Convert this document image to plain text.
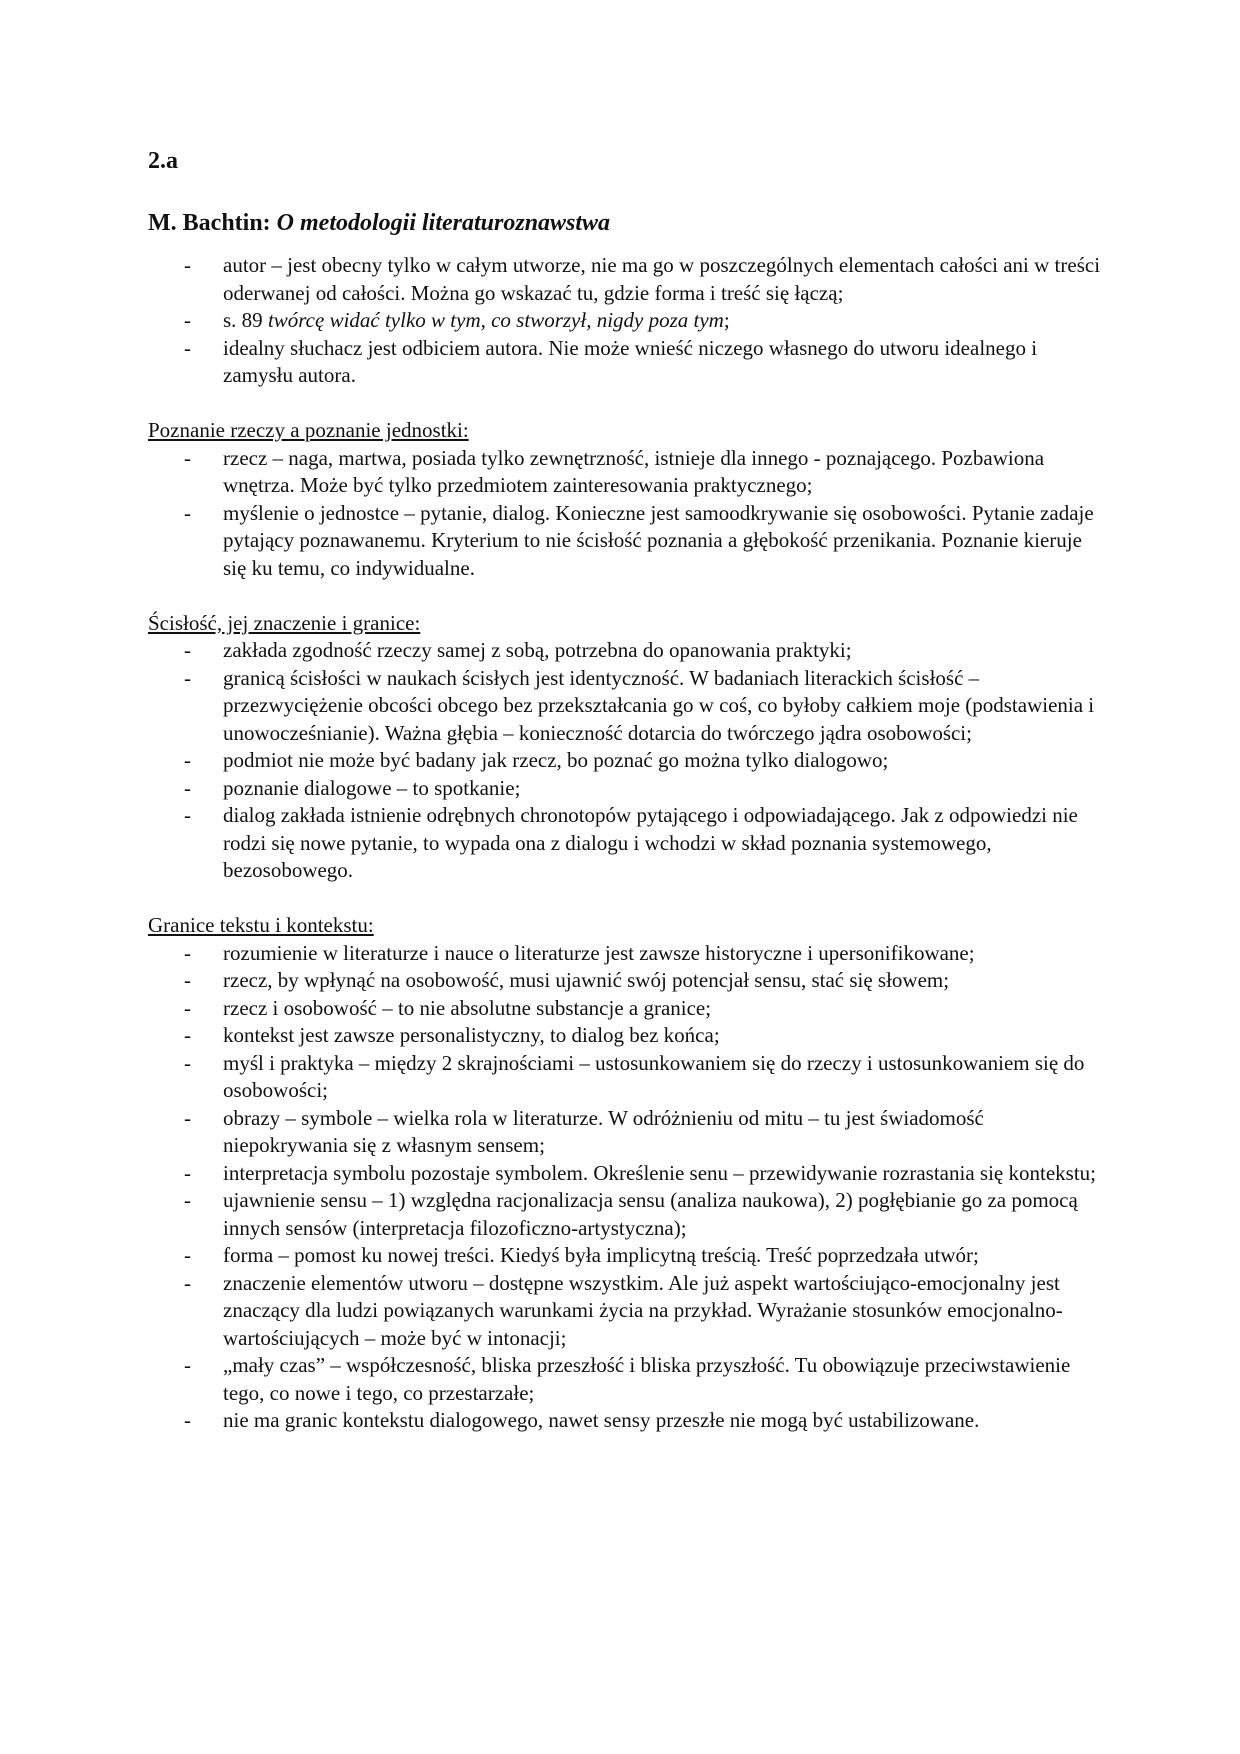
2.a

M. Bachtin: O metodologii literaturoznawstwa

- autor – jest obecny tylko w całym utworze, nie ma go w poszczególnych elementach całości ani w treści oderwanej od całości. Można go wskazać tu, gdzie forma i treść się łączą;
- s. 89 twórcę widać tylko w tym, co stworzył, nigdy poza tym;
- idealny słuchacz jest odbiciem autora. Nie może wnieść niczego własnego do utworu idealnego i zamysłu autora.

Poznanie rzeczy a poznanie jednostki:

- rzecz – naga, martwa, posiada tylko zewnętrzność, istnieje dla innego - poznającego. Pozbawiona wnętrza. Może być tylko przedmiotem zainteresowania praktycznego;
- myślenie o jednostce – pytanie, dialog. Konieczne jest samoodkrywanie się osobowości. Pytanie zadaje pytający poznawanemu. Kryterium to nie ścisłość poznania a głębokość przenikania. Poznanie kieruje się ku temu, co indywidualne.

Ścisłość, jej znaczenie i granice:

- zakłada zgodność rzeczy samej z sobą, potrzebna do opanowania praktyki;
- granicą ścisłości w naukach ścisłych jest identyczność. W badaniach literackich ścisłość – przezwyciężenie obcości obcego bez przekształcania go w coś, co byłoby całkiem moje (podstawienia i unowocześnianie). Ważna głębia – konieczność dotarcia do twórczego jądra osobowości;
- podmiot nie może być badany jak rzecz, bo poznać go można tylko dialogowo;
- poznanie dialogowe – to spotkanie;
- dialog zakłada istnienie odrębnych chronotopów pytającego i odpowiadającego. Jak z odpowiedzi nie rodzi się nowe pytanie, to wypada ona z dialogu i wchodzi w skład poznania systemowego, bezosobowego.

Granice tekstu i kontekstu:

- rozumienie w literaturze i nauce o literaturze jest zawsze historyczne i upersonifikowane;
- rzecz, by wpłynąć na osobowość, musi ujawnić swój potencjał sensu, stać się słowem;
- rzecz i osobowość – to nie absolutne substancje a granice;
- kontekst jest zawsze personalistyczny, to dialog bez końca;
- myśl i praktyka – między 2 skrajnościami – ustosunkowaniem się do rzeczy i ustosunkowaniem się do osobowości;
- obrazy – symbole – wielka rola w literaturze. W odróżnieniu od mitu – tu jest świadomość niepokrywania się z własnym sensem;
- interpretacja symbolu pozostaje symbolem. Określenie senu – przewidywanie rozrastania się kontekstu;
- ujawnienie sensu – 1) względna racjonalizacja sensu (analiza naukowa), 2) pogłębianie go za pomocą innych sensów (interpretacja filozoficzno-artystyczna);
- forma – pomost ku nowej treści. Kiedyś była implicytną treścią. Treść poprzedzała utwór;
- znaczenie elementów utworu – dostępne wszystkim. Ale już aspekt wartościująco-emocjonalny jest znaczący dla ludzi powiązanych warunkami życia na przykład. Wyrażanie stosunków emocjonalno-wartościujących – może być w intonacji;
- „mały czas” – współczesność, bliska przeszłość i bliska przyszłość. Tu obowiązuje przeciwstawienie tego, co nowe i tego, co przestarzałe;
- nie ma granic kontekstu dialogowego, nawet sensy przeszłe nie mogą być ustabilizowane.
